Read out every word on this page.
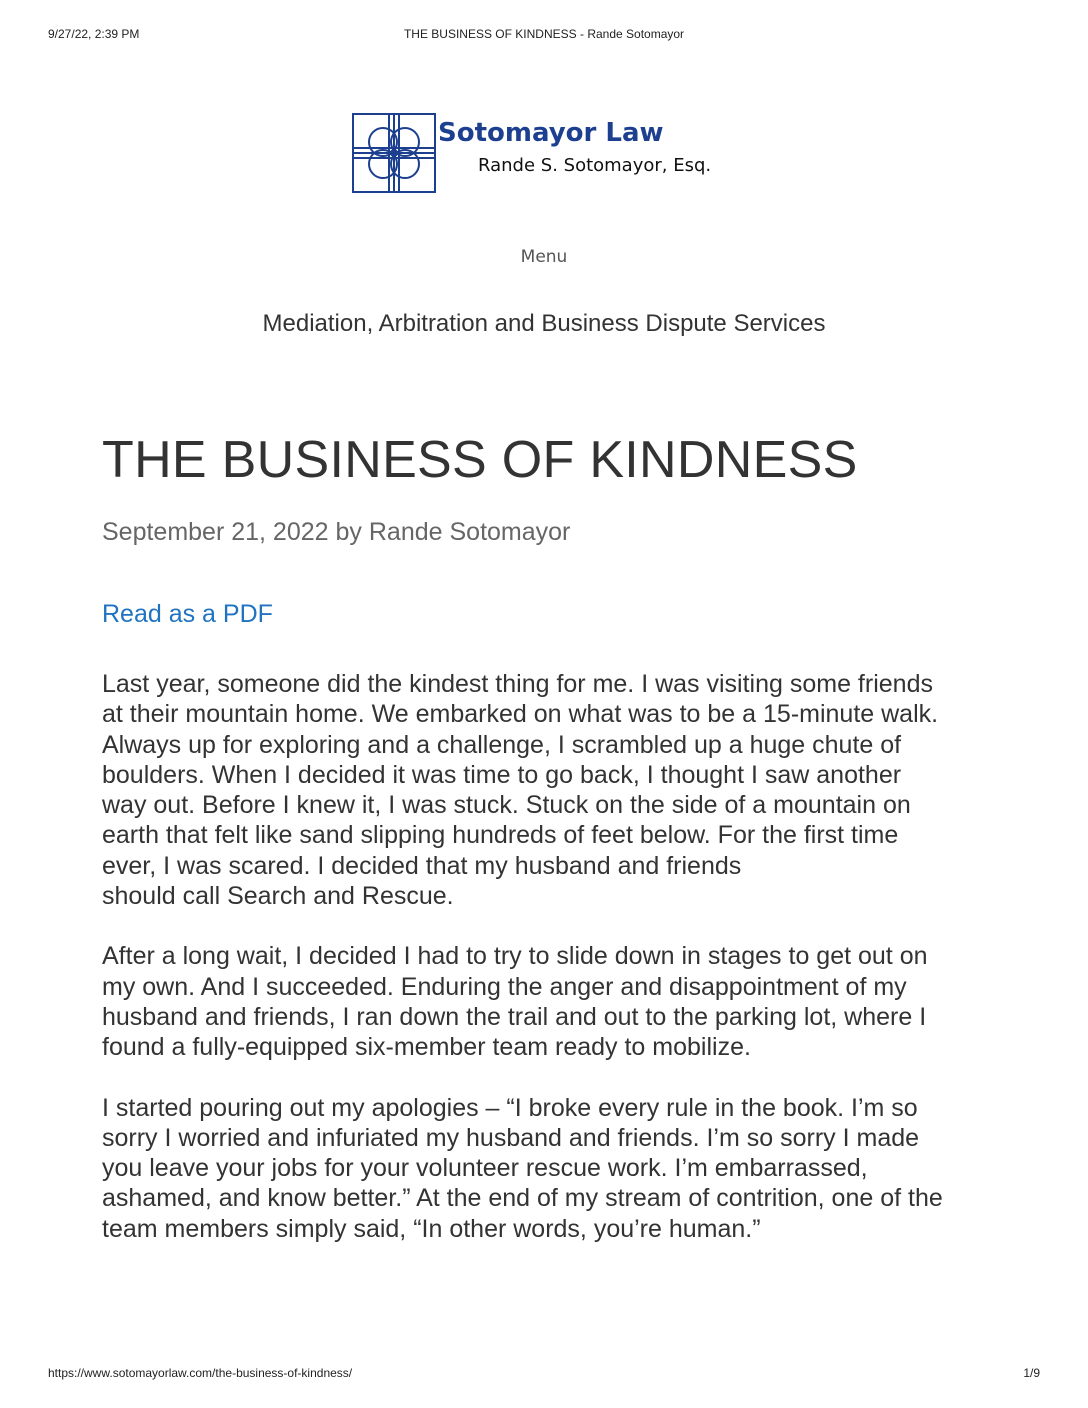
9/27/22, 2:39 PM	THE BUSINESS OF KINDNESS - Rande Sotomayor
Sotomayor Law
Rande S. Sotomayor, Esq.
Menu
Mediation, Arbitration and Business Dispute Services
THE BUSINESS OF KINDNESS
September 21, 2022 by Rande Sotomayor
Read as a PDF

Last year, someone did the kindest thing for me. I was visiting some friends
at their mountain home. We embarked on what was to be a 15-minute walk.
Always up for exploring and a challenge, I scrambled up a huge chute of
boulders. When I decided it was time to go back, I thought I saw another
way out. Before I knew it, I was stuck. Stuck on the side of a mountain on
earth that felt like sand slipping hundreds of feet below. For the first time
ever, I was scared. I decided that my husband and friends
should call Search and Rescue.

After a long wait, I decided I had to try to slide down in stages to get out on
my own. And I succeeded. Enduring the anger and disappointment of my
husband and friends, I ran down the trail and out to the parking lot, where I
found a fully-equipped six-member team ready to mobilize.

I started pouring out my apologies – “I broke every rule in the book. I’m so
sorry I worried and infuriated my husband and friends. I’m so sorry I made
you leave your jobs for your volunteer rescue work. I’m embarrassed,
ashamed, and know better.” At the end of my stream of contrition, one of the
team members simply said, “In other words, you’re human.”

https://www.sotomayorlaw.com/the-business-of-kindness/	1/9
